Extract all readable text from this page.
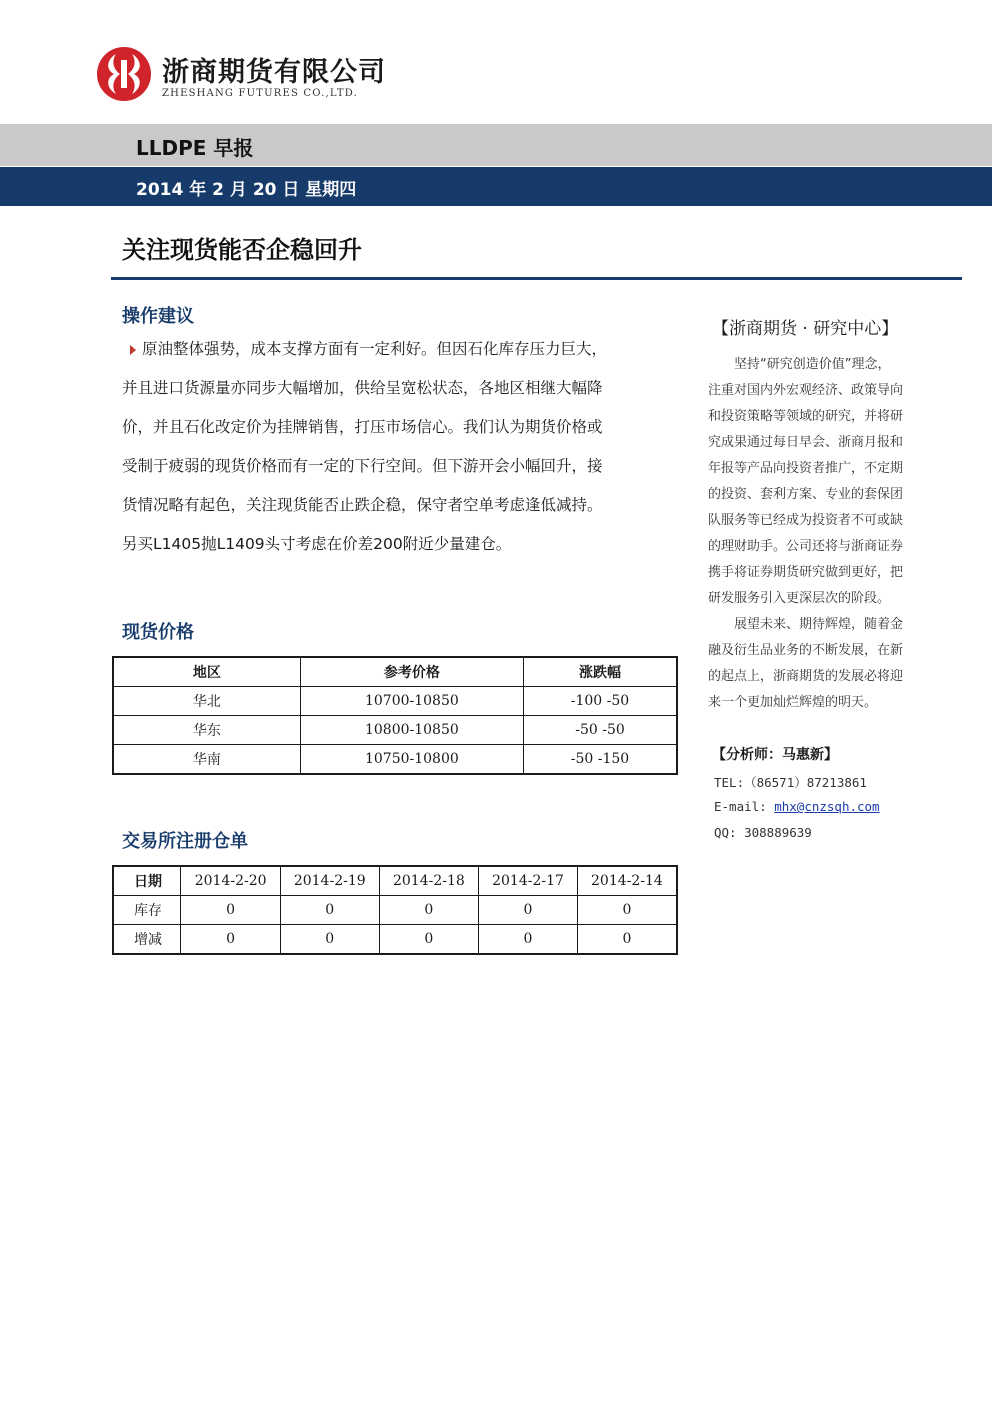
浙商期货有限公司
ZHESHANG FUTURES CO.,LTD.
LLDPE 早报
2014 年 2 月 20 日 星期四
关注现货能否企稳回升
操作建议
原油整体强势，成本支撑方面有一定利好。但因石化库存压力巨大，
并且进口货源量亦同步大幅增加，供给呈宽松状态，各地区相继大幅降
价，并且石化改定价为挂牌销售，打压市场信心。我们认为期货价格或
受制于疲弱的现货价格而有一定的下行空间。但下游开会小幅回升，接
货情况略有起色，关注现货能否止跌企稳，保守者空单考虑逢低减持。
另买L1405抛L1409头寸考虑在价差200附近少量建仓。
现货价格
地区	参考价格	涨跌幅
华北	10700-10850	-100 -50
华东	10800-10850	-50 -50
华南	10750-10800	-50 -150
交易所注册仓单
日期	2014-2-20	2014-2-19	2014-2-18	2014-2-17	2014-2-14
库存	0	0	0	0	0
增减	0	0	0	0	0
【浙商期货 · 研究中心】
　　坚持“研究创造价值”理念，
注重对国内外宏观经济、政策导向
和投资策略等领域的研究，并将研
究成果通过每日早会、浙商月报和
年报等产品向投资者推广，不定期
的投资、套利方案、专业的套保团
队服务等已经成为投资者不可或缺
的理财助手。公司还将与浙商证券
携手将证券期货研究做到更好，把
研发服务引入更深层次的阶段。
　　展望未来、期待辉煌，随着金
融及衍生品业务的不断发展，在新
的起点上，浙商期货的发展必将迎
来一个更加灿烂辉煌的明天。
【分析师：马惠新】
TEL:（86571）87213861
E-mail: mhx@cnzsqh.com
QQ: 308889639
